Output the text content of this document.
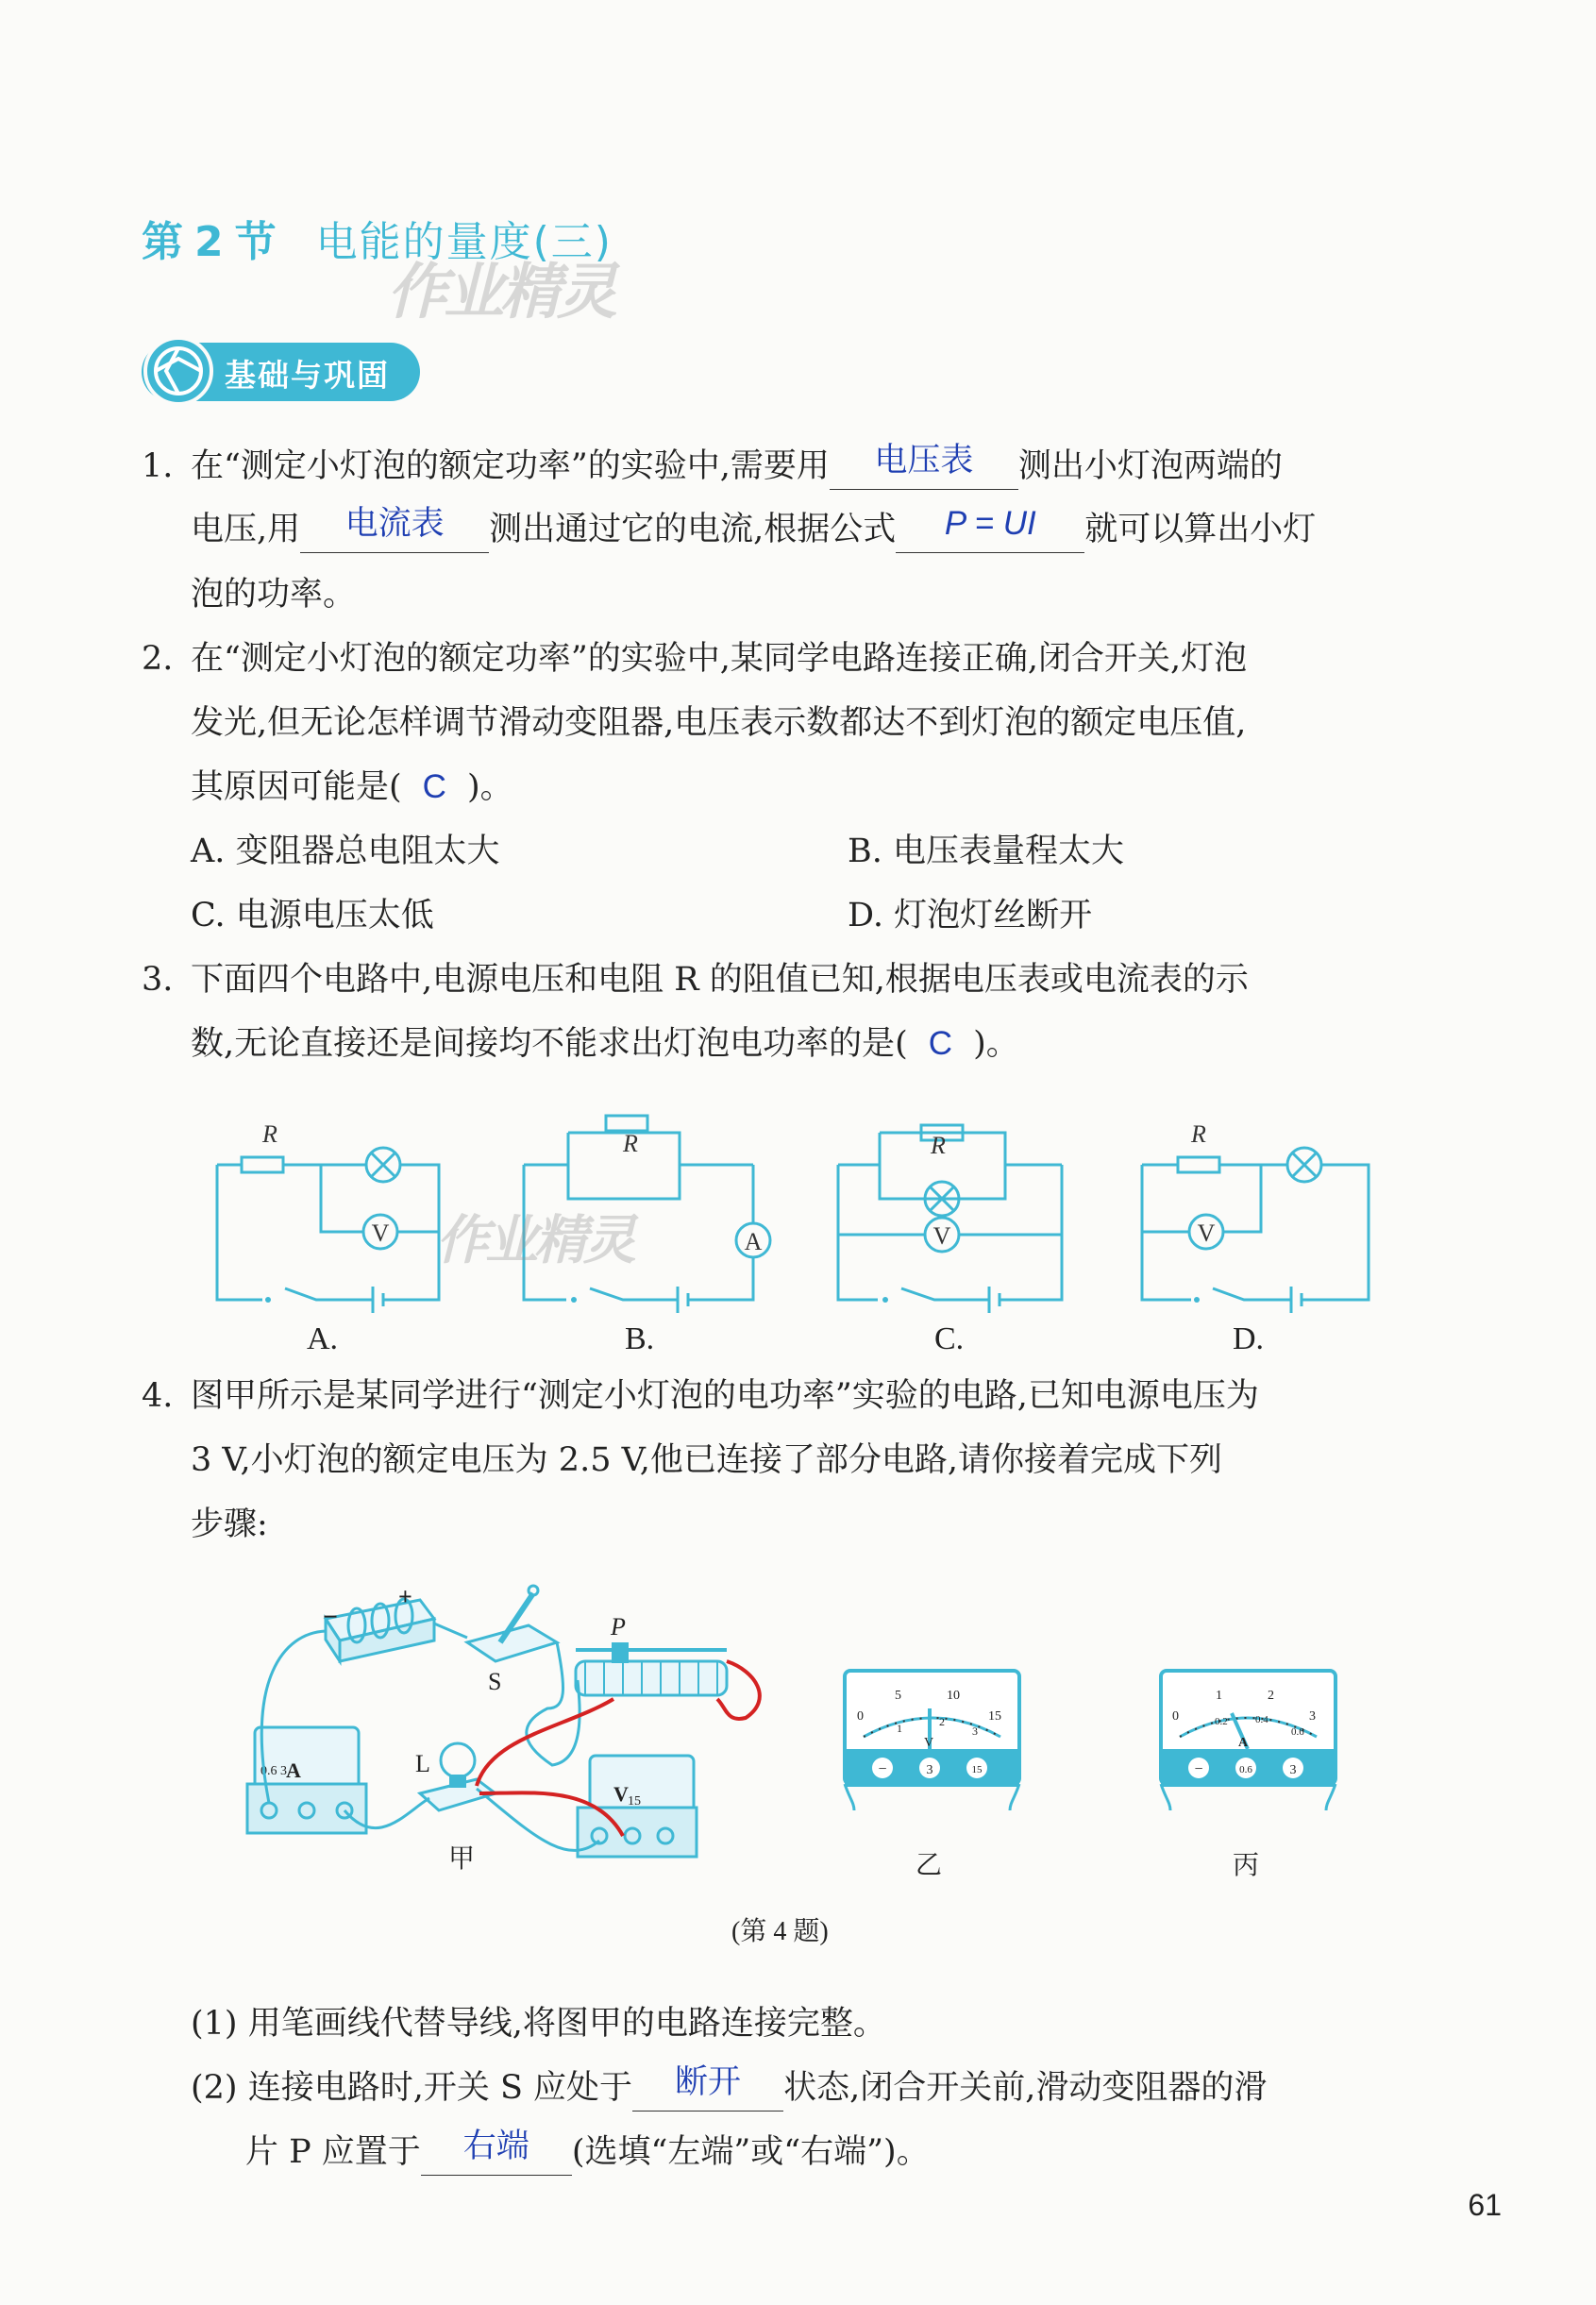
第 2 节 电能的量度(三)
作业精灵
基础与巩固
1. 在“测定小灯泡的额定功率”的实验中,需要用 电压表 测出小灯泡两端的
电压,用 电流表 测出通过它的电流,根据公式 P = UI 就可以算出小灯
泡的功率。
2. 在“测定小灯泡的额定功率”的实验中,某同学电路连接正确,闭合开关,灯泡
发光,但无论怎样调节滑动变阻器,电压表示数都达不到灯泡的额定电压值,
其原因可能是( C )。
A. 变阻器总电阻太大	B. 电压表量程太大
C. 电源电压太低	D. 灯泡灯丝断开
3. 下面四个电路中,电源电压和电阻 R 的阻值已知,根据电压表或电流表的示
数,无论直接还是间接均不能求出灯泡电功率的是( C )。
V
R
A
R
V
R
V
R
作业精灵
A.	B.	C.	D.
4. 图甲所示是某同学进行“测定小灯泡的电功率”实验的电路,已知电源电压为
3 V,小灯泡的额定电压为 2.5 V,他已连接了部分电路,请你接着完成下列
步骤:
−
+
S
P
A
0.6 3	L
V 15
甲
0
5	10
15
1	2
3
V
−	3	15
乙
0
1	2
3
0.2	0.4
0.6
A
−	0.6	3
丙
(第 4 题)
(1) 用笔画线代替导线,将图甲的电路连接完整。
(2) 连接电路时,开关 S 应处于 断开 状态,闭合开关前,滑动变阻器的滑
片 P 应置于 右端 (选填“左端”或“右端”)。
61
